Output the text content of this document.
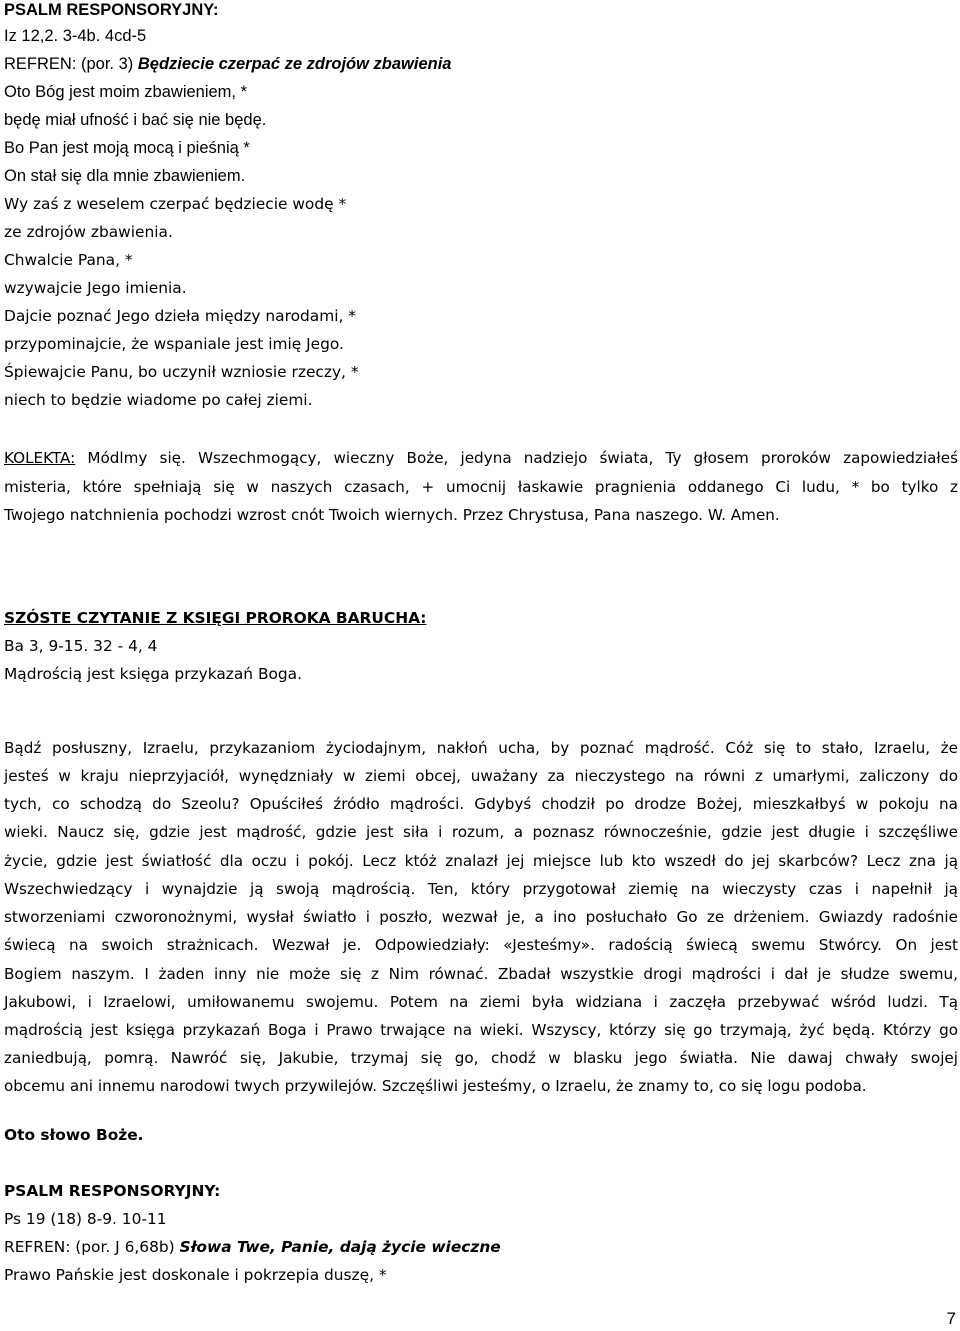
PSALM RESPONSORYJNY:
Iz 12,2. 3-4b. 4cd-5
REFREN: (por. 3) Będziecie czerpać ze zdrojów zbawienia
Oto Bóg jest moim zbawieniem, *
będę miał ufność i bać się nie będę.
Bo Pan jest moją mocą i pieśnią *
On stał się dla mnie zbawieniem.
Wy zaś z weselem czerpać będziecie wodę *
ze zdrojów zbawienia.
Chwalcie Pana, *
wzywajcie Jego imienia.
Dajcie poznać Jego dzieła między narodami, *
przypominajcie, że wspaniale jest imię Jego.
Śpiewajcie Panu, bo uczynił wzniosie rzeczy, *
niech to będzie wiadome po całej ziemi.
KOLEKTA: Módlmy się. Wszechmogący, wieczny Boże, jedyna nadziejo świata, Ty głosem proroków zapowiedziałeś
misteria, które spełniają się w naszych czasach, + umocnij łaskawie pragnienia oddanego Ci ludu, * bo tylko z
Twojego natchnienia pochodzi wzrost cnót Twoich wiernych. Przez Chrystusa, Pana naszego. W. Amen.
SZÓSTE CZYTANIE Z KSIĘGI PROROKA BARUCHA:
Ba 3, 9-15. 32 - 4, 4
Mądrością jest księga przykazań Boga.
Bądź posłuszny, Izraelu, przykazaniom życiodajnym, nakłoń ucha, by poznać mądrość. Cóż się to stało, Izraelu, że
jesteś w kraju nieprzyjaciół, wynędzniały w ziemi obcej, uważany za nieczystego na równi z umarłymi, zaliczony do
tych, co schodzą do Szeolu? Opuściłeś źródło mądrości. Gdybyś chodził po drodze Bożej, mieszkałbyś w pokoju na
wieki. Naucz się, gdzie jest mądrość, gdzie jest siła i rozum, a poznasz równocześnie, gdzie jest długie i szczęśliwe
życie, gdzie jest światłość dla oczu i pokój. Lecz któż znalazł jej miejsce lub kto wszedł do jej skarbców? Lecz zna ją
Wszechwiedzący i wynajdzie ją swoją mądrością. Ten, który przygotował ziemię na wieczysty czas i napełnił ją
stworzeniami czworonożnymi, wysłał światło i poszło, wezwał je, a ino posłuchało Go ze drżeniem. Gwiazdy radośnie
świecą na swoich strażnicach. Wezwał je. Odpowiedziały: «Jesteśmy». radością świecą swemu Stwórcy. On jest
Bogiem naszym. I żaden inny nie może się z Nim równać. Zbadał wszystkie drogi mądrości i dał je słudze swemu,
Jakubowi, i Izraelowi, umiłowanemu swojemu. Potem na ziemi była widziana i zaczęła przebywać wśród ludzi. Tą
mądrością jest księga przykazań Boga i Prawo trwające na wieki. Wszyscy, którzy się go trzymają, żyć będą. Którzy go
zaniedbują, pomrą. Nawróć się, Jakubie, trzymaj się go, chodź w blasku jego światła. Nie dawaj chwały swojej
obcemu ani innemu narodowi twych przywilejów. Szczęśliwi jesteśmy, o Izraelu, że znamy to, co się logu podoba.
Oto słowo Boże.
PSALM RESPONSORYJNY:
Ps 19 (18) 8-9. 10-11
REFREN: (por. J 6,68b) Słowa Twe, Panie, dają życie wieczne
Prawo Pańskie jest doskonale i pokrzepia duszę, *
7
